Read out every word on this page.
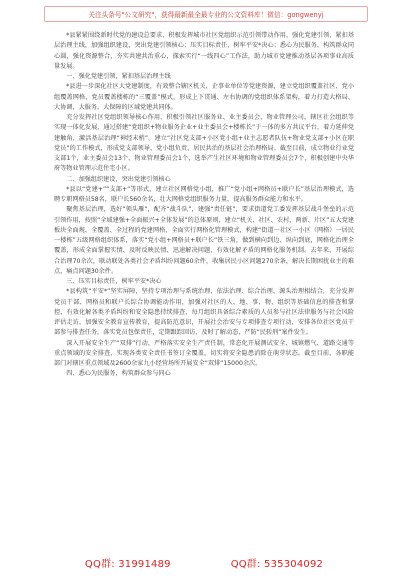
关注头条号"公文研究"，获得最新最全最专业的公文资料库！ 微信：gongwenyj

*县紧紧围绕新时代党的建设总要求，积极发挥城市社区党组织示范引领带动作用，强化党建引领，紧扣基层治理主线，加强组织建设，突出党建引领核心；压实目标责任，树牢平安*决心；悉心为民服务，构筑群众同心圆，强化资源整合，夯实共建共治重心，探索实行“一线四心”工作法，助力城市党建推动基层各项事业高质量发展。

一、强化党建引领，紧扣基层治理主线

*县进一步深化社区大党建制度，有效整合辖区机关、企事业单位等党建资源，建立党组织覆盖社区、党小组覆盖网格、党员覆盖楼栋的“三覆盖”模式，形成上下贯通、左右协调的党组织体系架构，着力打造大格局、大协调、大服务、大保障的区域党建共同体。

充分发挥社区党组织领导核心作用，积极引领社区服务业、业主委员会、物业管理公司，辖区社会组织等实现一体化发展，通过搭建“党组织+物业服务企业+业主委员会+楼栋长”于一体的多方共议平台，着力延伸党建触角，激活基层治理“神经末梢”。建立“社区党支部+小区党小组+业主志愿者队伍+物业党支部+小区在职党员”的工作模式，形成党支部领导、党小组负责、居民共治的基层社会治理格局。截至目前，成立物业行业党支部1个，业主委员会13个、物业管理委员会1个，选举产生社区环境和物业管理委员会7个，积极创建中央华府等物业管理示范住宅小区。

二、加强组织建设，突出党建引领核心

*县以“党建+”“支部+”等形式，建立社区网格党小组，推广“党小组+网格员+联户长”基层治理模式，选聘专职网格员58名，联户长560余名，壮大网格党组织服务力量，提高服务群众能力和水平。

聚焦基层治理，选好“领头雁”，配齐“战斗队”，建强“责任链”，要求街道党工委发挥基层战斗堡垒的示范引领作用，按照“全域建强+全面振兴+全体发展”的总体原则，建立“机关、社区、农村、两新、片区”五大党建板块全面规、全覆盖、全过程的党建网格，全面实行网格化管理模式，构建“街道一社区一小区（网格）一居民一楼栋”五级网格组织体系，落实“党小组+网格员+联户长”铁三角，做到横向到边、纵向到底，网格化治理全覆盖，形成全面掌握实情、及时反映民情、迅速解决问题，有效化解矛盾的网格化服务机制。去年来，开展综合治理70余次，联动联处各类社会矛盾纠纷问题60余件，收集居民小区问题270余条，解决长期困扰业主的难点，痛点问题30余件。

三、压实目标责任，树牢平安*决心

*县构筑“平安*”坚实屏障，坚持专项治理与系统治理、依法治理、综合治理、源头治理相结合，充分发挥党员干部、网格员和联户长综合协调能动作用，加强对社区的人、地、事、物、组织等基础信息的排查和掌控，有效化解各类矛盾纠纷和安全隐患持续排查，每月组织具备综合素质的人员参与社区法律服务与社会风险评估走访，加强安全教育宣传教育，提高防范意识，开展社会治安与专项排查专项行动，安排各位社区党员干部参与排查任务，落实党员包保责任，定期跟踪回访，及时了解动态，严防“民转刑”案件发生。

深入开展安全生产“双排”行动，严格落实安全生产责任制，常态化开展测试安全、城镇燃气、道路交通等重点领域的安全排查，实现各类安全责任书签订全覆盖，切实将安全隐患消除在萌芽状态。截至目前，各职能部门对辖区重点领域及2600余家九小经营场所开展安全“双排”15000余次。

四、悉心为民服务，构筑群众参与同心

QQ群: 31991489	QQ群: 535304092
